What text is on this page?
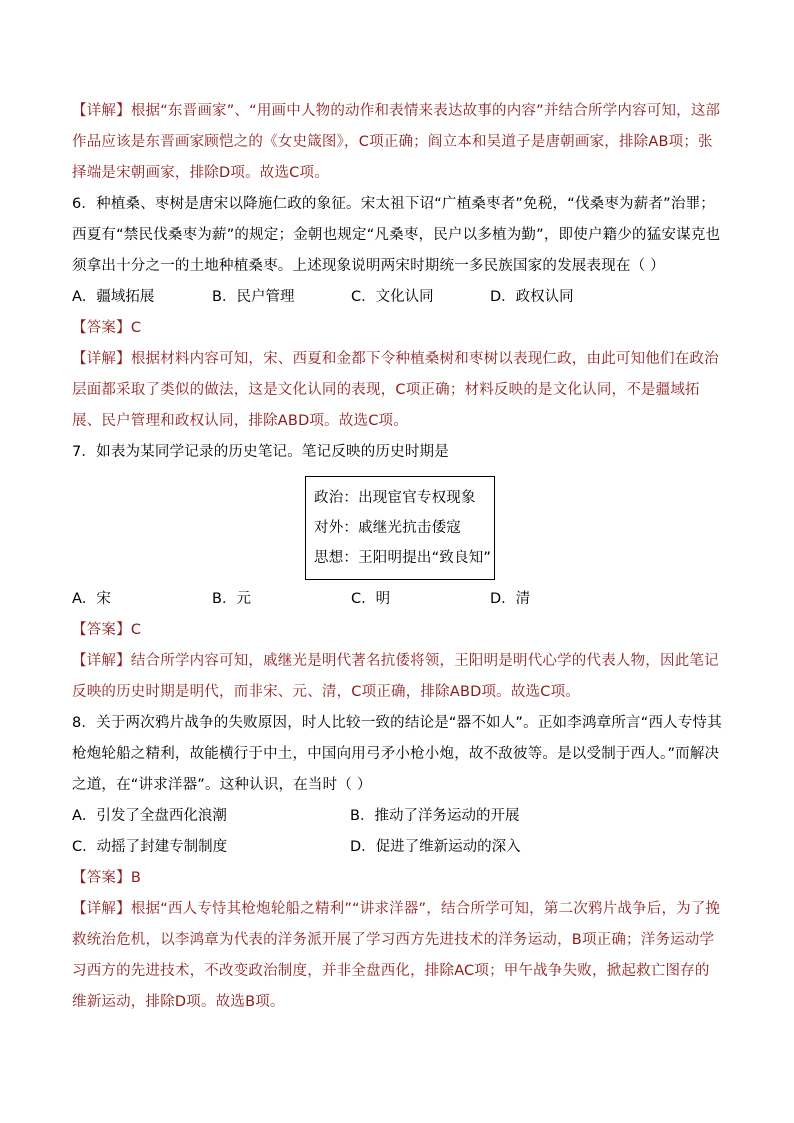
【详解】根据“东晋画家”、“用画中人物的动作和表情来表达故事的内容”并结合所学内容可知，这部作品应该是东晋画家顾恺之的《女史箴图》，C项正确；阎立本和吴道子是唐朝画家，排除AB项；张择端是宋朝画家，排除D项。故选C项。

6．种植桑、枣树是唐宋以降施仁政的象征。宋太祖下诏“广植桑枣者”免税，“伐桑枣为薪者”治罪；西夏有“禁民伐桑枣为薪”的规定；金朝也规定“凡桑枣，民户以多植为勤”，即使户籍少的猛安谋克也须拿出十分之一的土地种植桑枣。上述现象说明两宋时期统一多民族国家的发展表现在（ ）

A．疆域拓展	B．民户管理	C．文化认同	D．政权认同

【答案】C

【详解】根据材料内容可知，宋、西夏和金都下令种植桑树和枣树以表现仁政，由此可知他们在政治层面都采取了类似的做法，这是文化认同的表现，C项正确；材料反映的是文化认同，不是疆域拓展、民户管理和政权认同，排除ABD项。故选C项。

7．如表为某同学记录的历史笔记。笔记反映的历史时期是

政治：出现宦官专权现象

对外：戚继光抗击倭寇

思想：王阳明提出“致良知”

A．宋	B．元	C．明	D．清

【答案】C

【详解】结合所学内容可知，戚继光是明代著名抗倭将领，王阳明是明代心学的代表人物，因此笔记反映的历史时期是明代，而非宋、元、清，C项正确，排除ABD项。故选C项。

8．关于两次鸦片战争的失败原因，时人比较一致的结论是“器不如人”。正如李鸿章所言“西人专恃其枪炮轮船之精利，故能横行于中土，中国向用弓矛小枪小炮，故不敌彼等。是以受制于西人。”而解决之道，在“讲求洋器”。这种认识，在当时（ ）

A．引发了全盘西化浪潮	B．推动了洋务运动的开展
C．动摇了封建专制制度	D．促进了维新运动的深入

【答案】B

【详解】根据“西人专恃其枪炮轮船之精利”“讲求洋器”，结合所学可知，第二次鸦片战争后，为了挽救统治危机，以李鸿章为代表的洋务派开展了学习西方先进技术的洋务运动，B项正确；洋务运动学习西方的先进技术，不改变政治制度，并非全盘西化，排除AC项；甲午战争失败，掀起救亡图存的维新运动，排除D项。故选B项。
